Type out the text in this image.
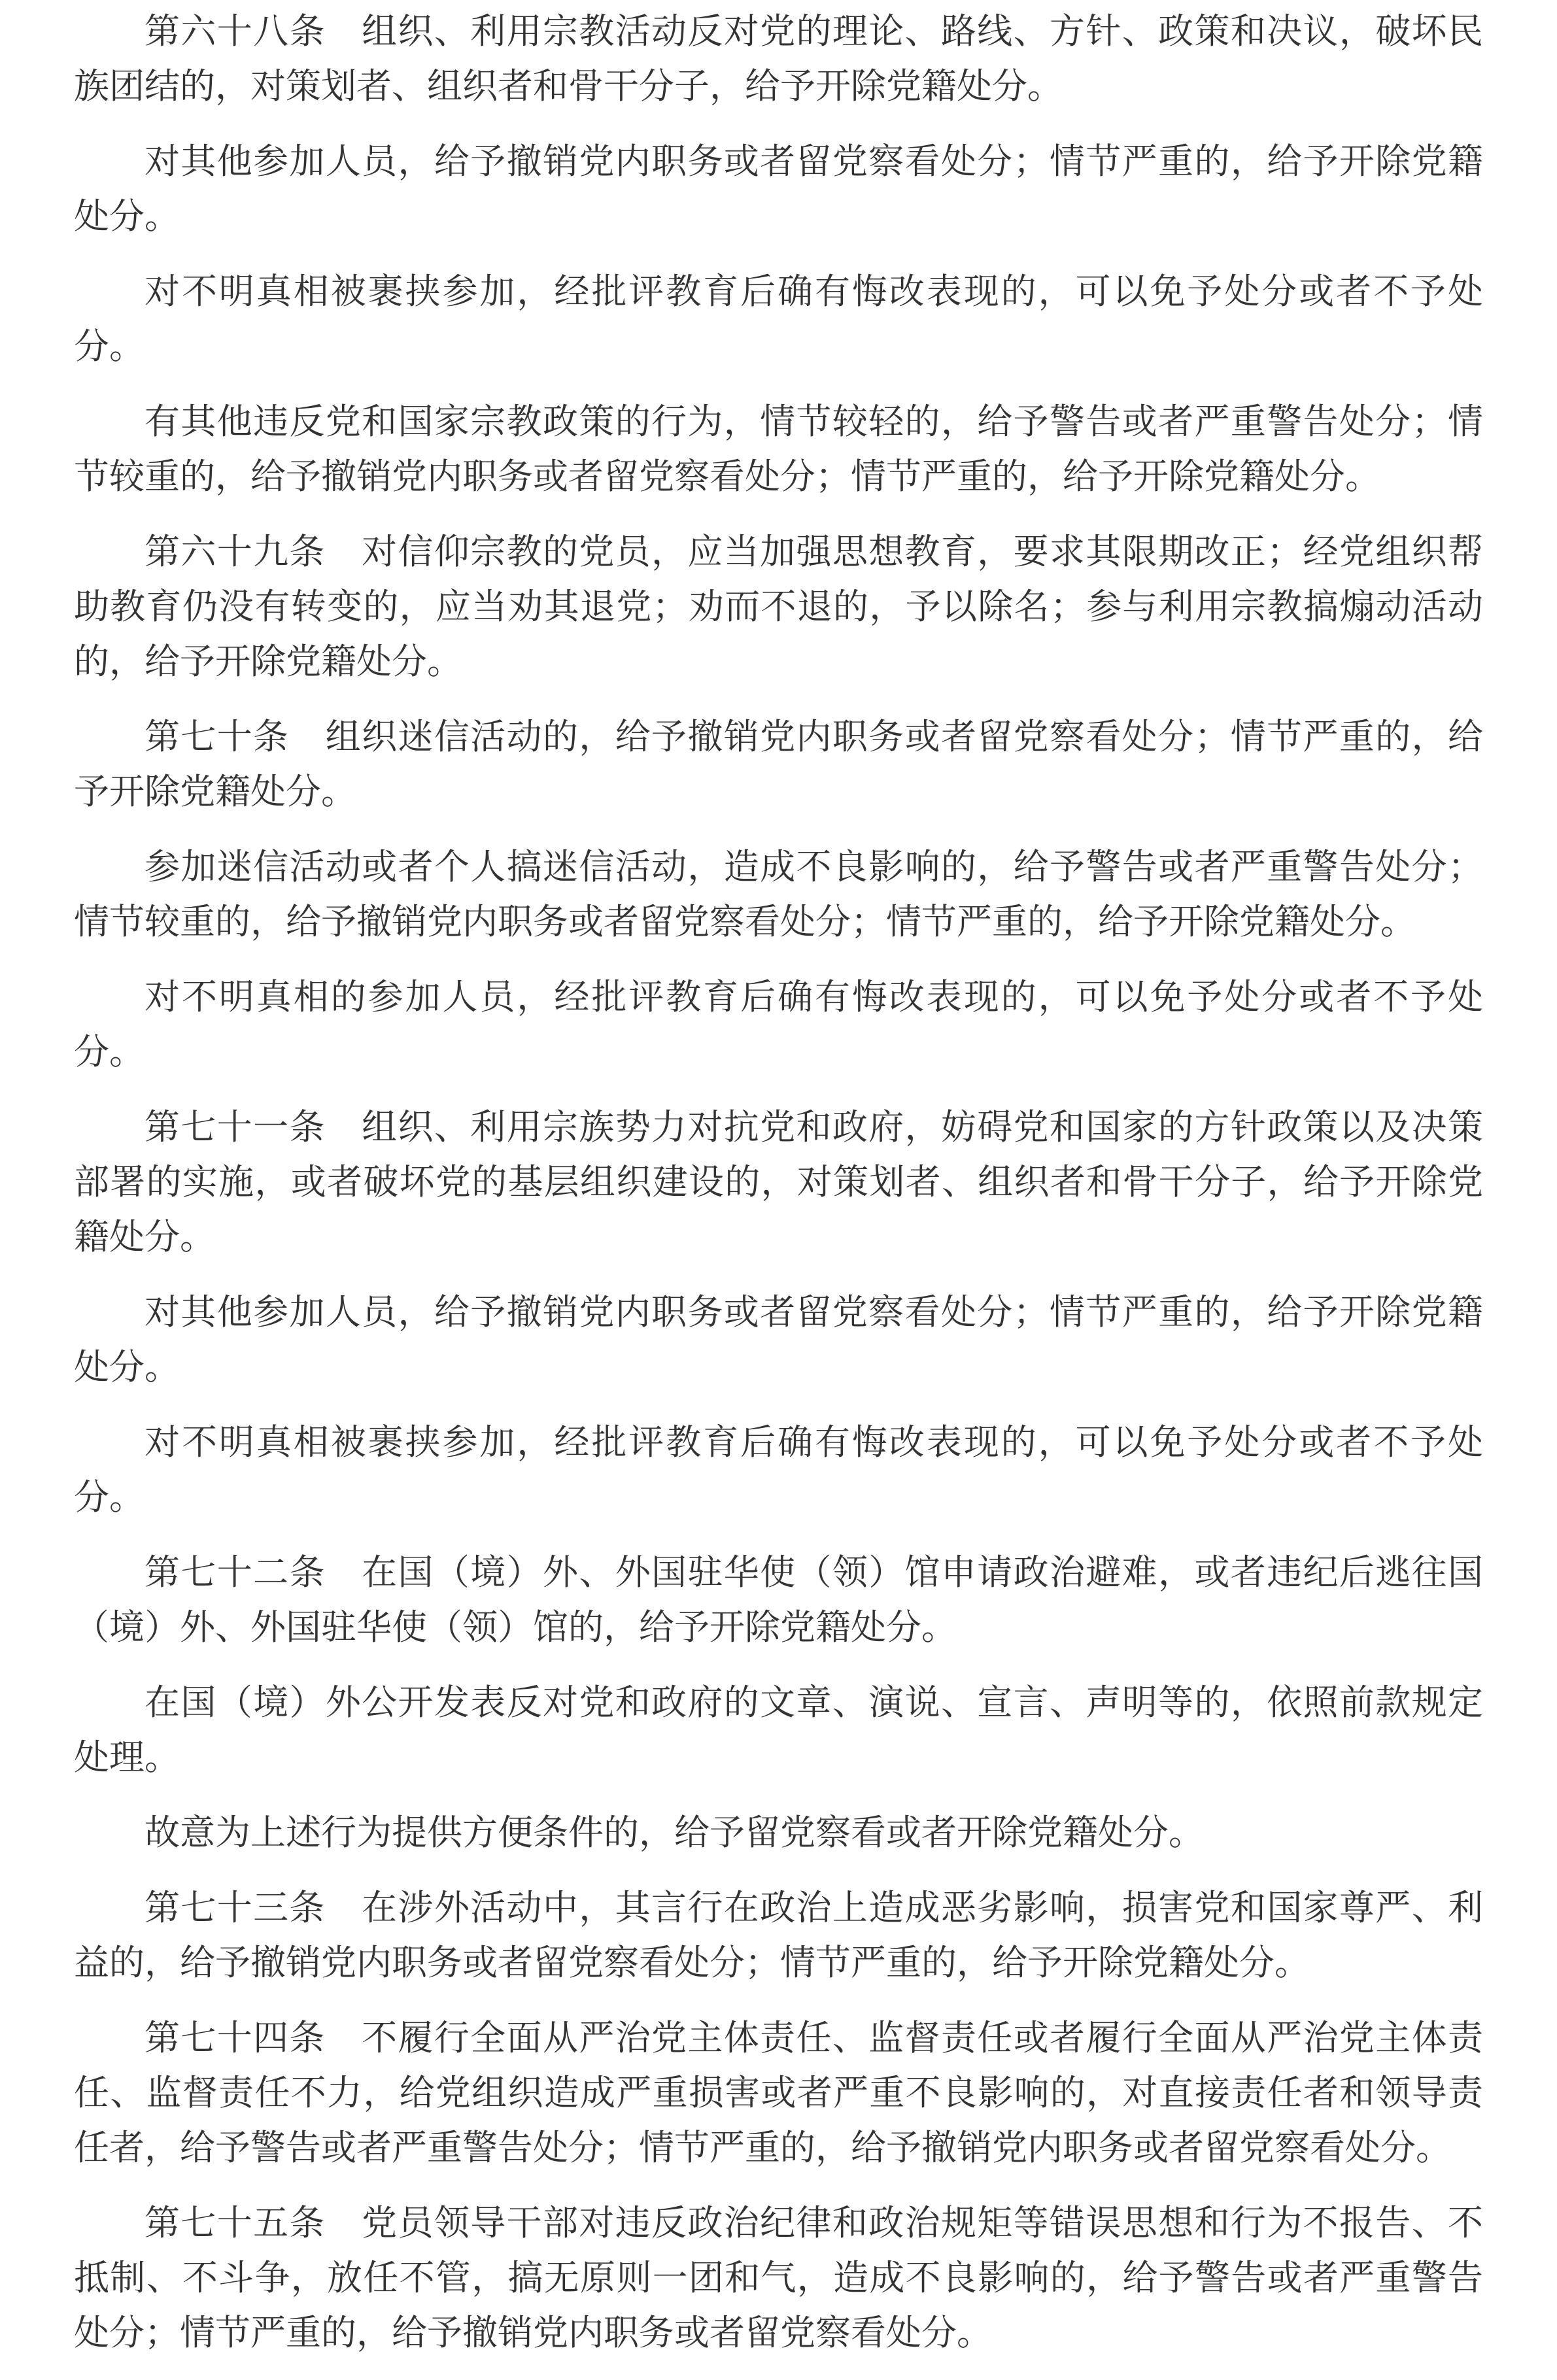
第六十八条　组织、利用宗教活动反对党的理论、路线、方针、政策和决议，破坏民族团结的，对策划者、组织者和骨干分子，给予开除党籍处分。

对其他参加人员，给予撤销党内职务或者留党察看处分；情节严重的，给予开除党籍处分。

对不明真相被裹挟参加，经批评教育后确有悔改表现的，可以免予处分或者不予处分。

有其他违反党和国家宗教政策的行为，情节较轻的，给予警告或者严重警告处分；情节较重的，给予撤销党内职务或者留党察看处分；情节严重的，给予开除党籍处分。

第六十九条　对信仰宗教的党员，应当加强思想教育，要求其限期改正；经党组织帮助教育仍没有转变的，应当劝其退党；劝而不退的，予以除名；参与利用宗教搞煽动活动的，给予开除党籍处分。

第七十条　组织迷信活动的，给予撤销党内职务或者留党察看处分；情节严重的，给予开除党籍处分。

参加迷信活动或者个人搞迷信活动，造成不良影响的，给予警告或者严重警告处分；情节较重的，给予撤销党内职务或者留党察看处分；情节严重的，给予开除党籍处分。

对不明真相的参加人员，经批评教育后确有悔改表现的，可以免予处分或者不予处分。

第七十一条　组织、利用宗族势力对抗党和政府，妨碍党和国家的方针政策以及决策部署的实施，或者破坏党的基层组织建设的，对策划者、组织者和骨干分子，给予开除党籍处分。

对其他参加人员，给予撤销党内职务或者留党察看处分；情节严重的，给予开除党籍处分。

对不明真相被裹挟参加，经批评教育后确有悔改表现的，可以免予处分或者不予处分。

第七十二条　在国（境）外、外国驻华使（领）馆申请政治避难，或者违纪后逃往国（境）外、外国驻华使（领）馆的，给予开除党籍处分。

在国（境）外公开发表反对党和政府的文章、演说、宣言、声明等的，依照前款规定处理。

故意为上述行为提供方便条件的，给予留党察看或者开除党籍处分。

第七十三条　在涉外活动中，其言行在政治上造成恶劣影响，损害党和国家尊严、利益的，给予撤销党内职务或者留党察看处分；情节严重的，给予开除党籍处分。

第七十四条　不履行全面从严治党主体责任、监督责任或者履行全面从严治党主体责任、监督责任不力，给党组织造成严重损害或者严重不良影响的，对直接责任者和领导责任者，给予警告或者严重警告处分；情节严重的，给予撤销党内职务或者留党察看处分。

第七十五条　党员领导干部对违反政治纪律和政治规矩等错误思想和行为不报告、不抵制、不斗争，放任不管，搞无原则一团和气，造成不良影响的，给予警告或者严重警告处分；情节严重的，给予撤销党内职务或者留党察看处分。
